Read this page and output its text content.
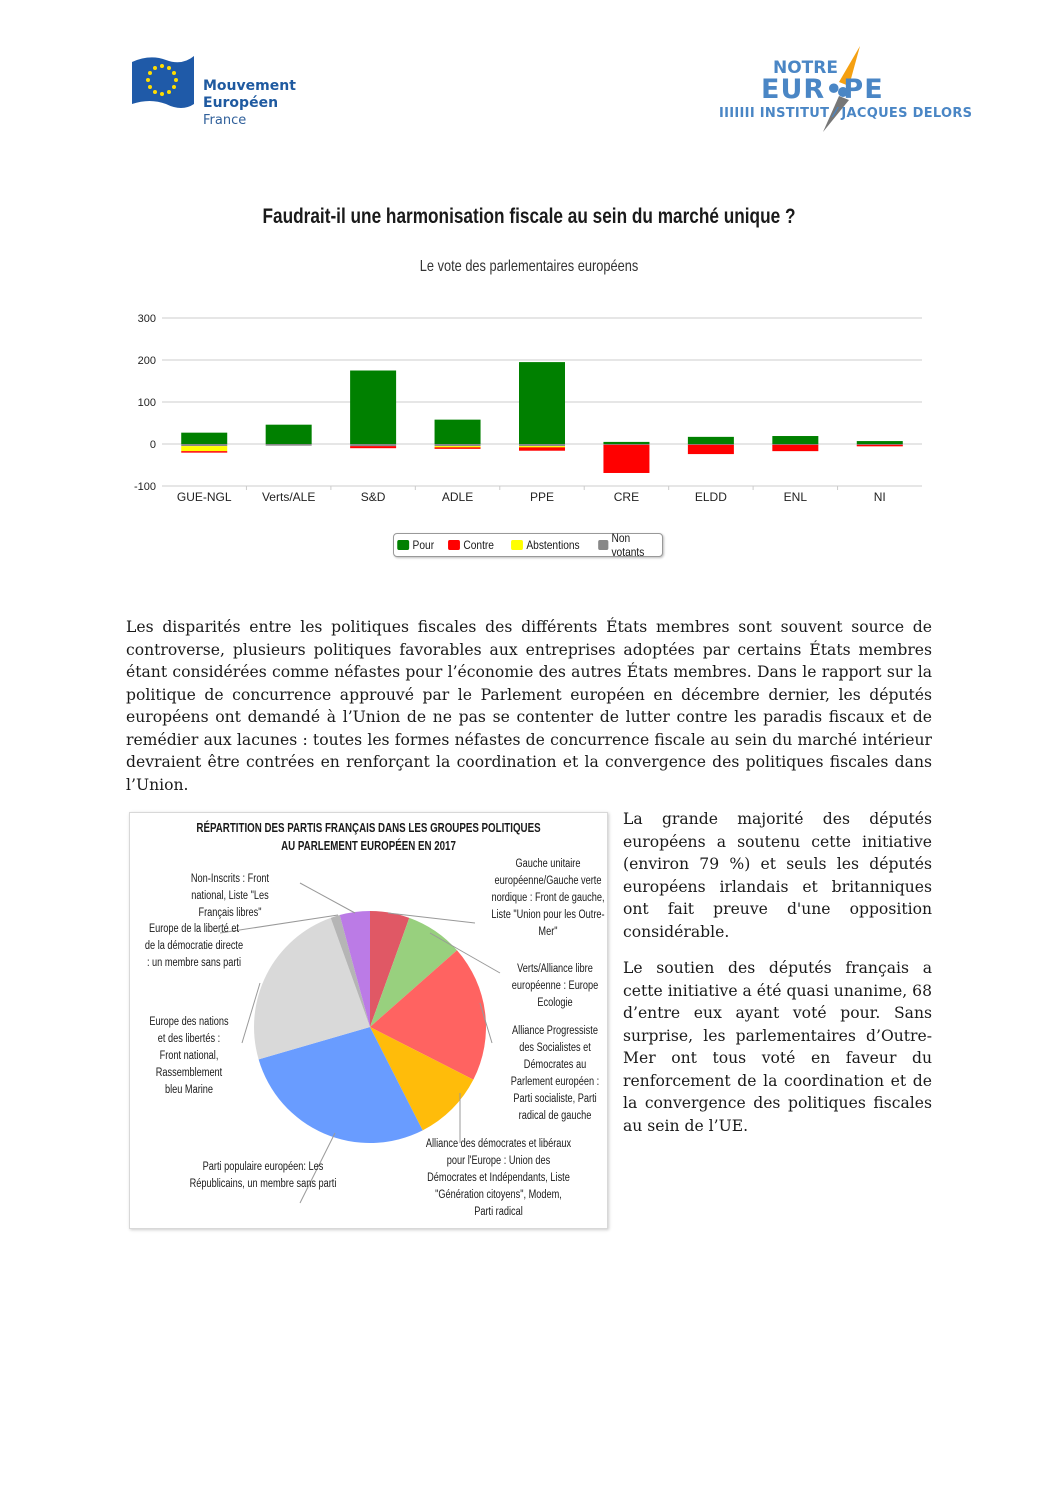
Mouvement
Européen
France
NOTRE
EUR•PE
IIIIIII INSTITUT ⁄ JACQUES DELORS
Faudrait-il une harmonisation fiscale au sein du marché unique ?
Le vote des parlementaires européens
300
200
100
0
-100
GUE-NGL	Verts/ALE	S&D	ADLE	PPE	CRE	ELDD	ENL	NI
Pour Contre	Abstentions	Non votants
Les disparités entre les politiques fiscales des différents États membres sont souvent source de controverse, plusieurs politiques favorables aux entreprises adoptées par certains États membres étant considérées comme néfastes pour l’économie des autres États membres. Dans le rapport sur la politique de concurrence approuvé par le Parlement européen en décembre dernier, les députés européens ont demandé à l’Union de ne pas se contenter de lutter contre les paradis fiscaux et de remédier aux lacunes : toutes les formes néfastes de concurrence fiscale au sein du marché intérieur devraient être contrées en renforçant la coordination et la convergence des politiques fiscales dans l’Union.
RÉPARTITION DES PARTIS FRANÇAIS DANS LES GROUPES POLITIQUES
AU PARLEMENT EUROPÉEN EN 2017
Gauche unitaire européenne/Gauche verte nordique : Front de gauche, Liste "Union pour les Outre-Mer"
Verts/Alliance libre européenne : Europe Ecologie
Alliance Progressiste des Socialistes et Démocrates au Parlement européen : Parti socialiste, Parti radical de gauche
Alliance des démocrates et libéraux pour l'Europe : Union des Démocrates et Indépendants, Liste "Génération citoyens", Modem, Parti radical
Parti populaire européen: Les Républicains, un membre sans parti
Europe des nations et des libertés : Front national, Rassemblement bleu Marine
Europe de la liberté et de la démocratie directe : un membre sans parti
Non-Inscrits : Front national, Liste "Les Français libres"

La grande majorité des députés européens a soutenu cette initiative (environ 79 %) et seuls les députés européens irlandais et britanniques ont fait preuve d'une opposition considérable.

Le soutien des députés français a cette initiative a été quasi unanime, 68 d’entre eux ayant voté pour. Sans surprise, les parlementaires d’Outre-Mer ont tous voté en faveur du renforcement de la coordination et de la convergence des politiques fiscales au sein de l’UE.
